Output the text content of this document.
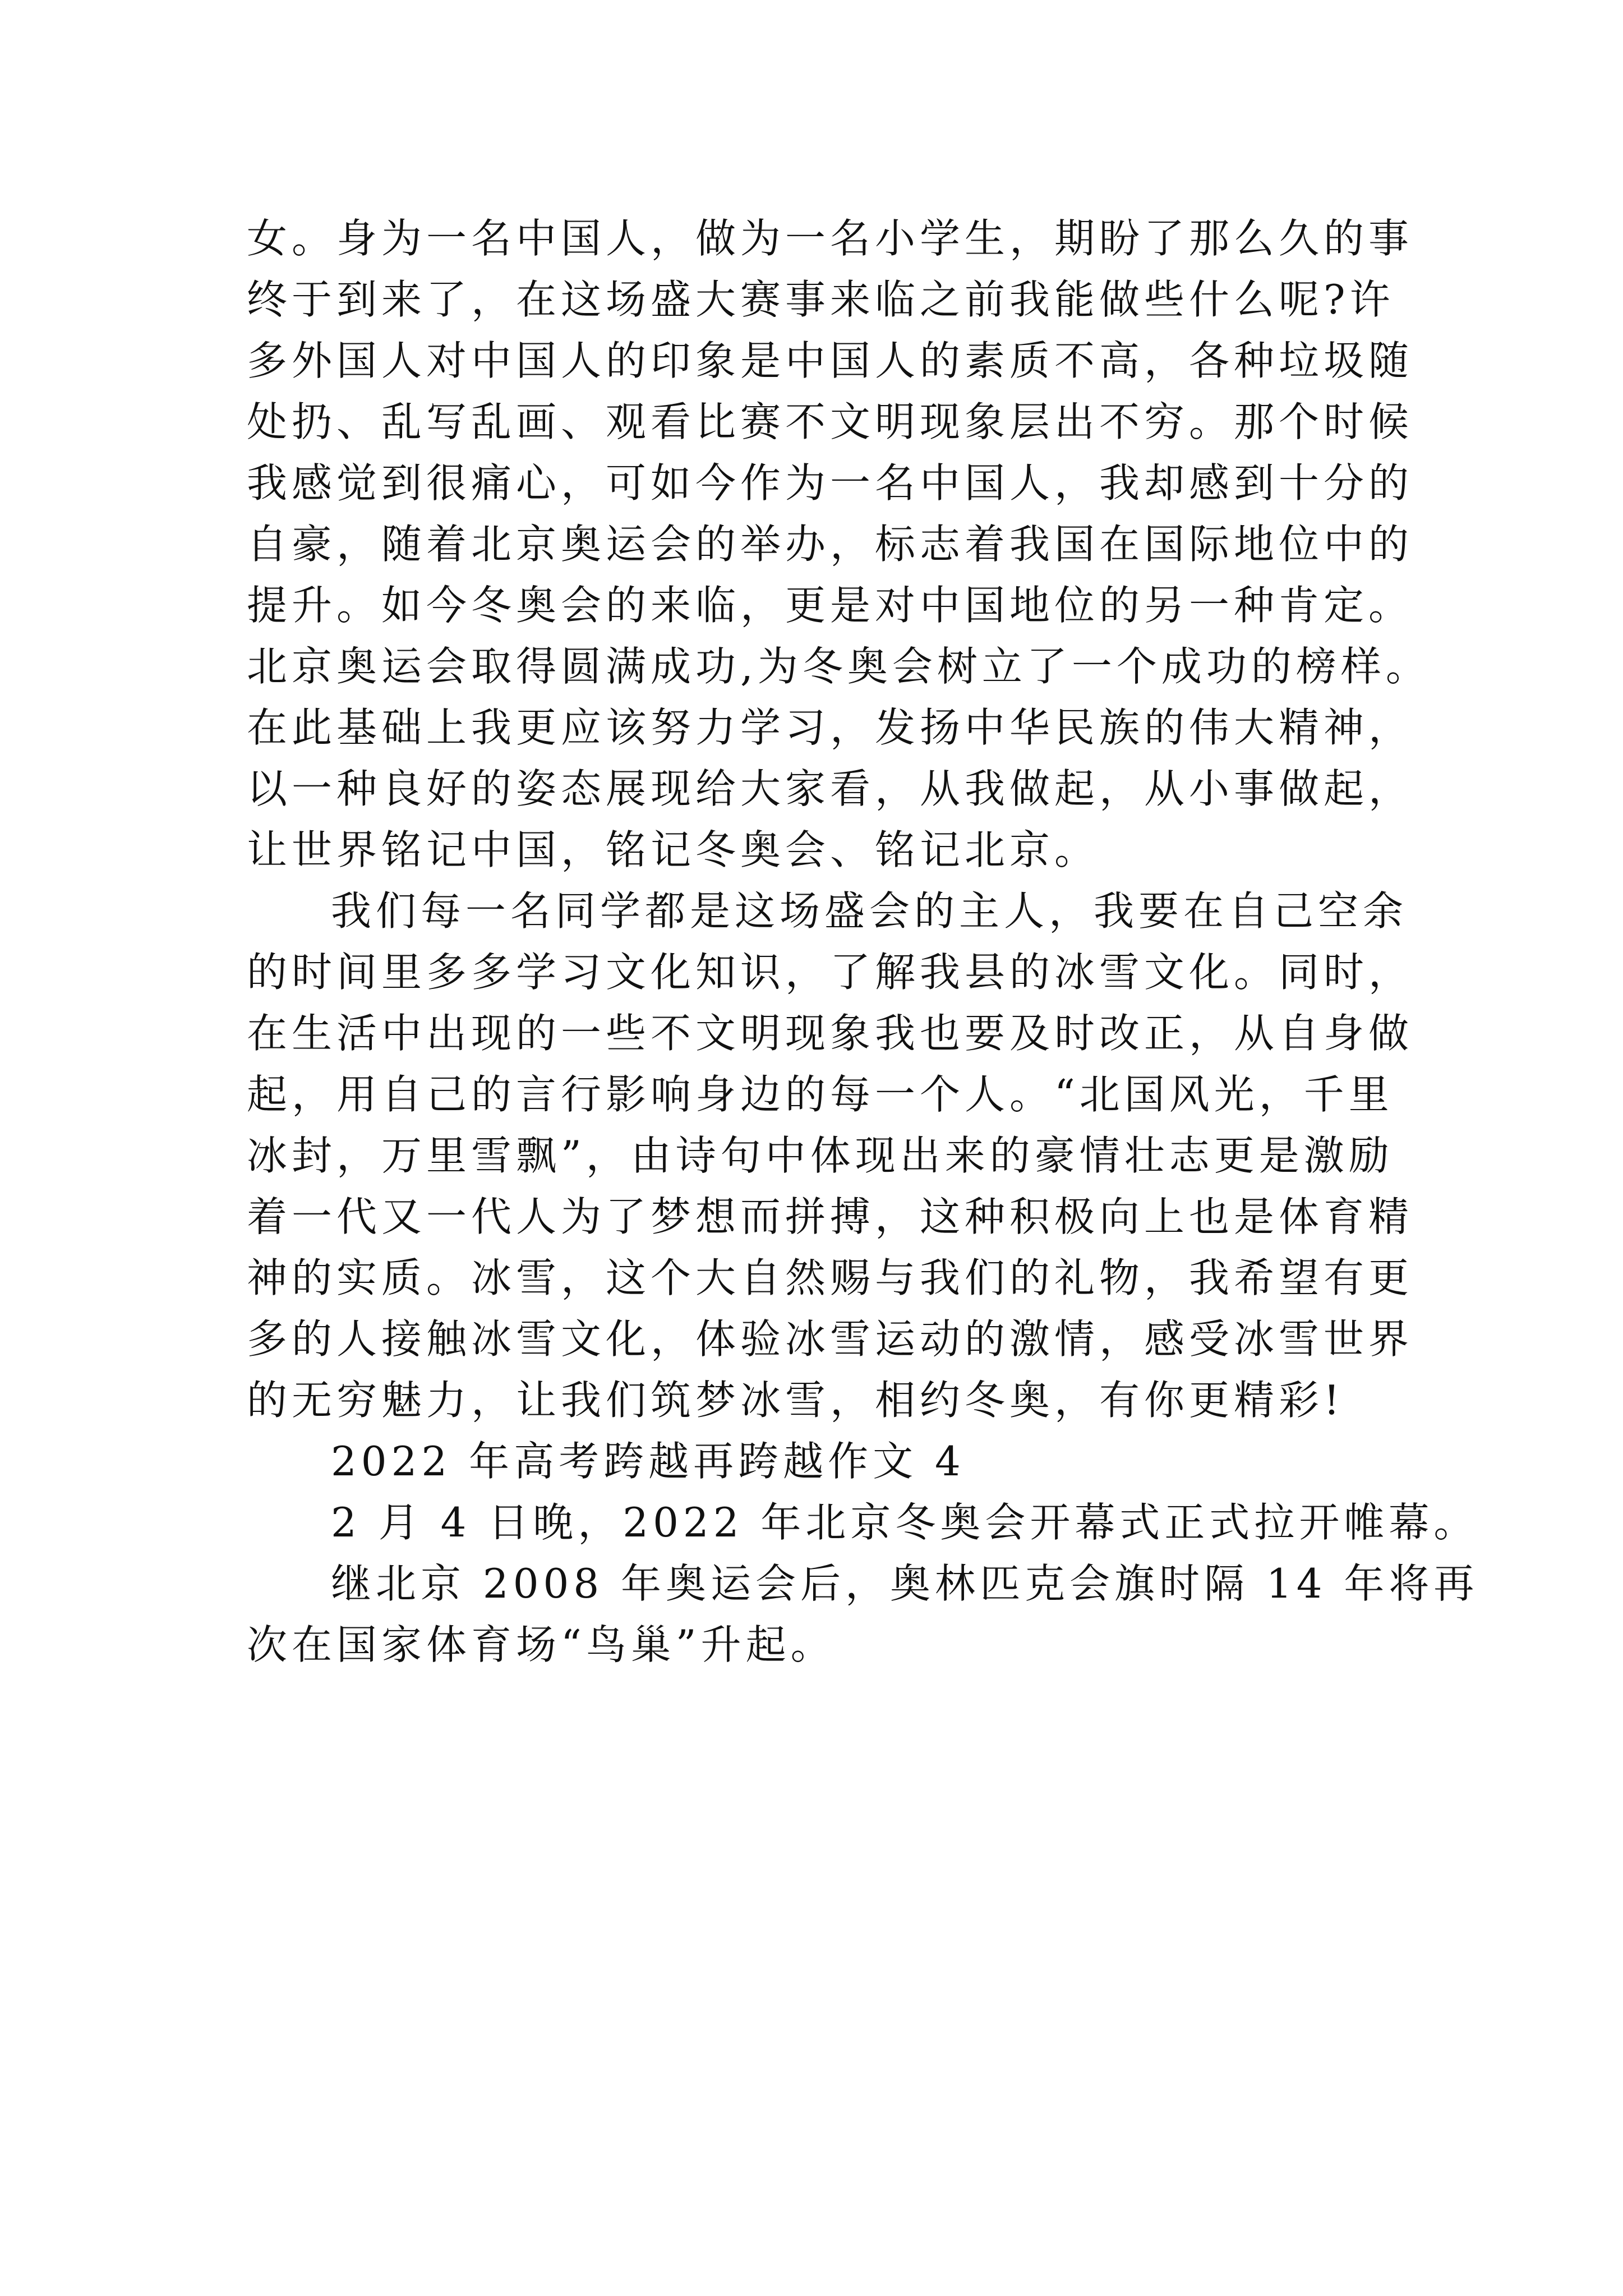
女。身为一名中国人，做为一名小学生，期盼了那么久的事
终于到来了，在这场盛大赛事来临之前我能做些什么呢?许
多外国人对中国人的印象是中国人的素质不高，各种垃圾随
处扔、乱写乱画、观看比赛不文明现象层出不穷。那个时候
我感觉到很痛心，可如今作为一名中国人，我却感到十分的
自豪，随着北京奥运会的举办，标志着我国在国际地位中的
提升。如今冬奥会的来临，更是对中国地位的另一种肯定。
北京奥运会取得圆满成功,为冬奥会树立了一个成功的榜样。
在此基础上我更应该努力学习，发扬中华民族的伟大精神，
以一种良好的姿态展现给大家看，从我做起，从小事做起，
让世界铭记中国，铭记冬奥会、铭记北京。
我们每一名同学都是这场盛会的主人，我要在自己空余
的时间里多多学习文化知识，了解我县的冰雪文化。同时，
在生活中出现的一些不文明现象我也要及时改正，从自身做
起，用自己的言行影响身边的每一个人。“北国风光，千里
冰封，万里雪飘”，由诗句中体现出来的豪情壮志更是激励
着一代又一代人为了梦想而拼搏，这种积极向上也是体育精
神的实质。冰雪，这个大自然赐与我们的礼物，我希望有更
多的人接触冰雪文化，体验冰雪运动的激情，感受冰雪世界
的无穷魅力，让我们筑梦冰雪，相约冬奥，有你更精彩!
2022 年高考跨越再跨越作文 4
2 月 4 日晚，2022 年北京冬奥会开幕式正式拉开帷幕。
继北京 2008 年奥运会后，奥林匹克会旗时隔 14 年将再
次在国家体育场“鸟巢”升起。
